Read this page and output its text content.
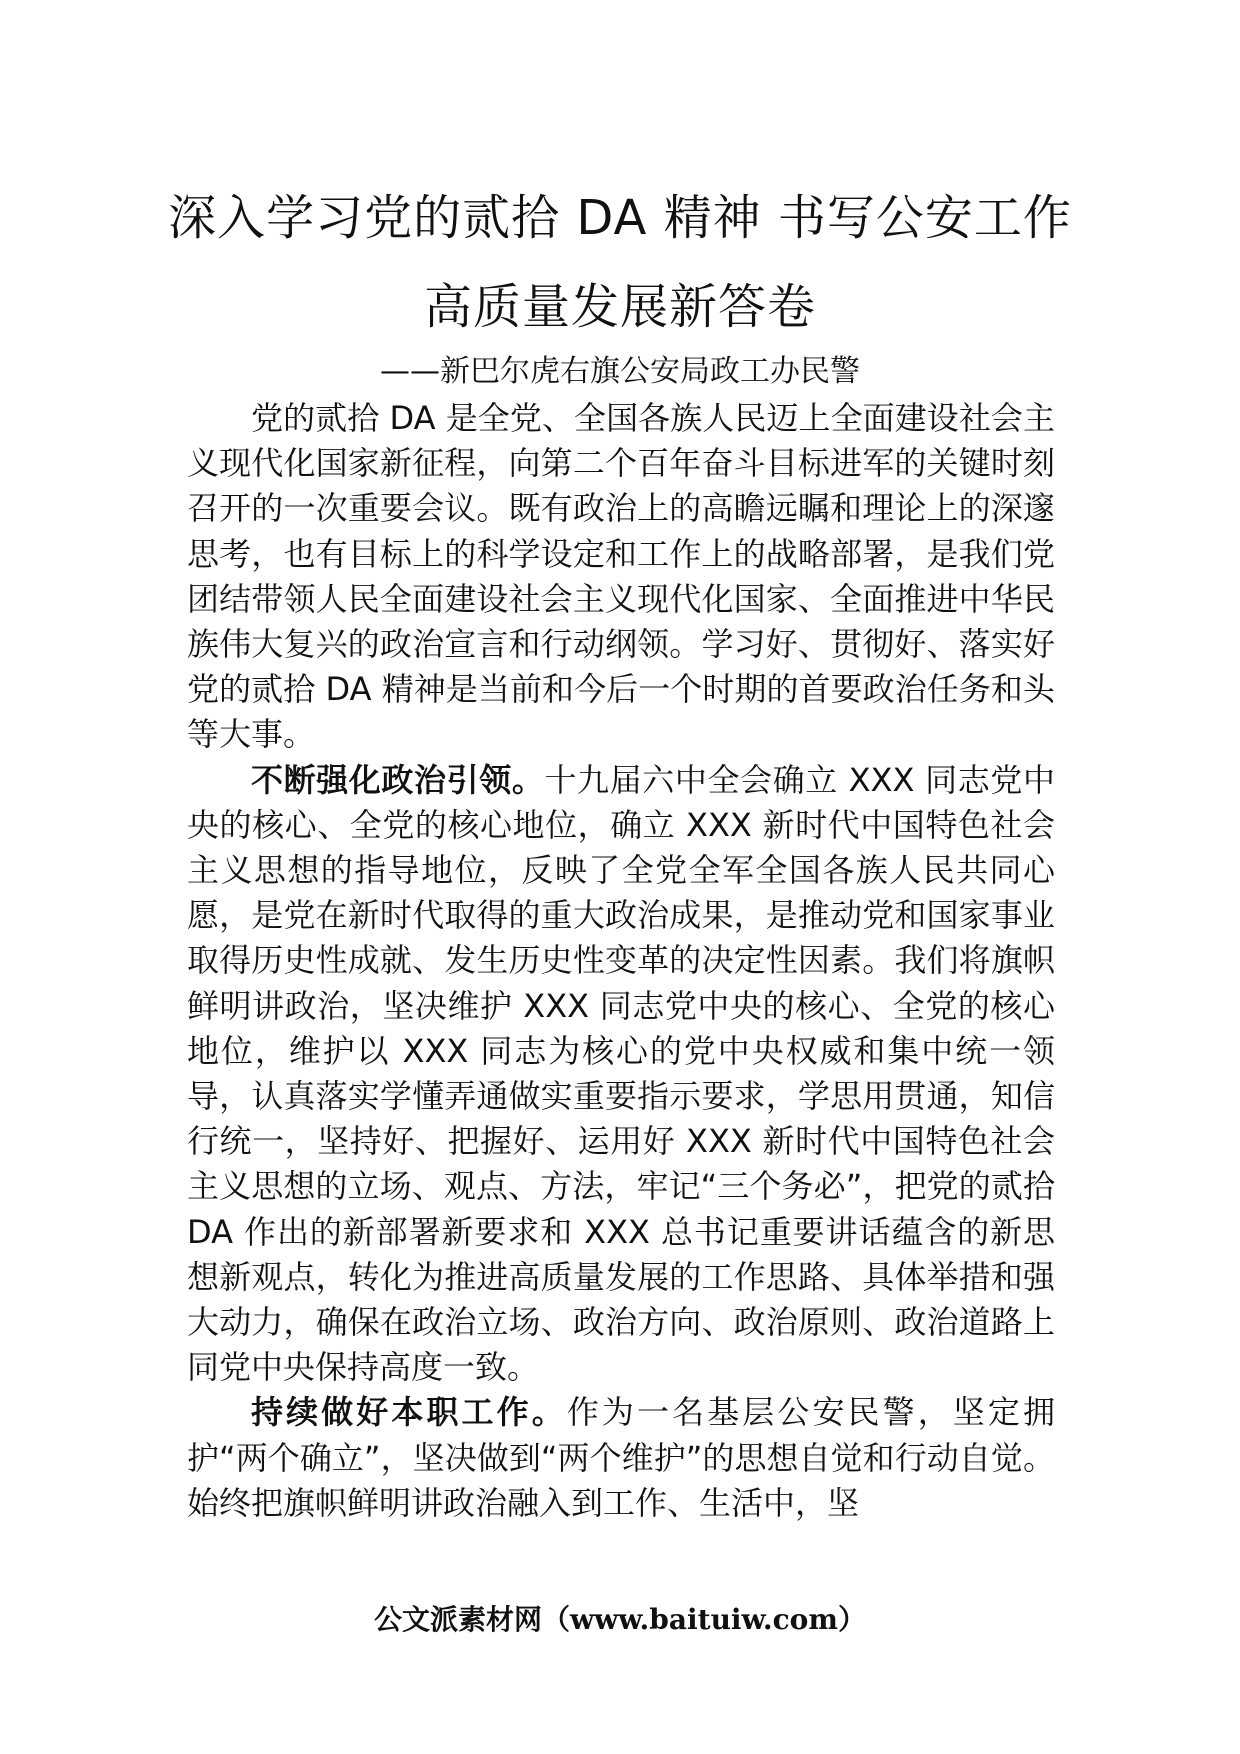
深入学习党的贰拾 DA 精神 书写公安工作
高质量发展新答卷

——新巴尔虎右旗公安局政工办民警

党的贰拾 DA 是全党、全国各族人民迈上全面建设社会主义现代化国家新征程，向第二个百年奋斗目标进军的关键时刻召开的一次重要会议。既有政治上的高瞻远瞩和理论上的深邃思考，也有目标上的科学设定和工作上的战略部署，是我们党团结带领人民全面建设社会主义现代化国家、全面推进中华民族伟大复兴的政治宣言和行动纲领。学习好、贯彻好、落实好党的贰拾 DA 精神是当前和今后一个时期的首要政治任务和头等大事。

不断强化政治引领。十九届六中全会确立 XXX 同志党中央的核心、全党的核心地位，确立 XXX 新时代中国特色社会主义思想的指导地位，反映了全党全军全国各族人民共同心愿，是党在新时代取得的重大政治成果，是推动党和国家事业取得历史性成就、发生历史性变革的决定性因素。我们将旗帜鲜明讲政治，坚决维护 XXX 同志党中央的核心、全党的核心地位，维护以 XXX 同志为核心的党中央权威和集中统一领导，认真落实学懂弄通做实重要指示要求，学思用贯通，知信行统一，坚持好、把握好、运用好 XXX 新时代中国特色社会主义思想的立场、观点、方法，牢记“三个务必”，把党的贰拾 DA 作出的新部署新要求和 XXX 总书记重要讲话蕴含的新思想新观点，转化为推进高质量发展的工作思路、具体举措和强大动力，确保在政治立场、政治方向、政治原则、政治道路上同党中央保持高度一致。

持续做好本职工作。作为一名基层公安民警，坚定拥护“两个确立”，坚决做到“两个维护”的思想自觉和行动自觉。始终把旗帜鲜明讲政治融入到工作、生活中，坚

公文派素材网（www.baituiw.com）
